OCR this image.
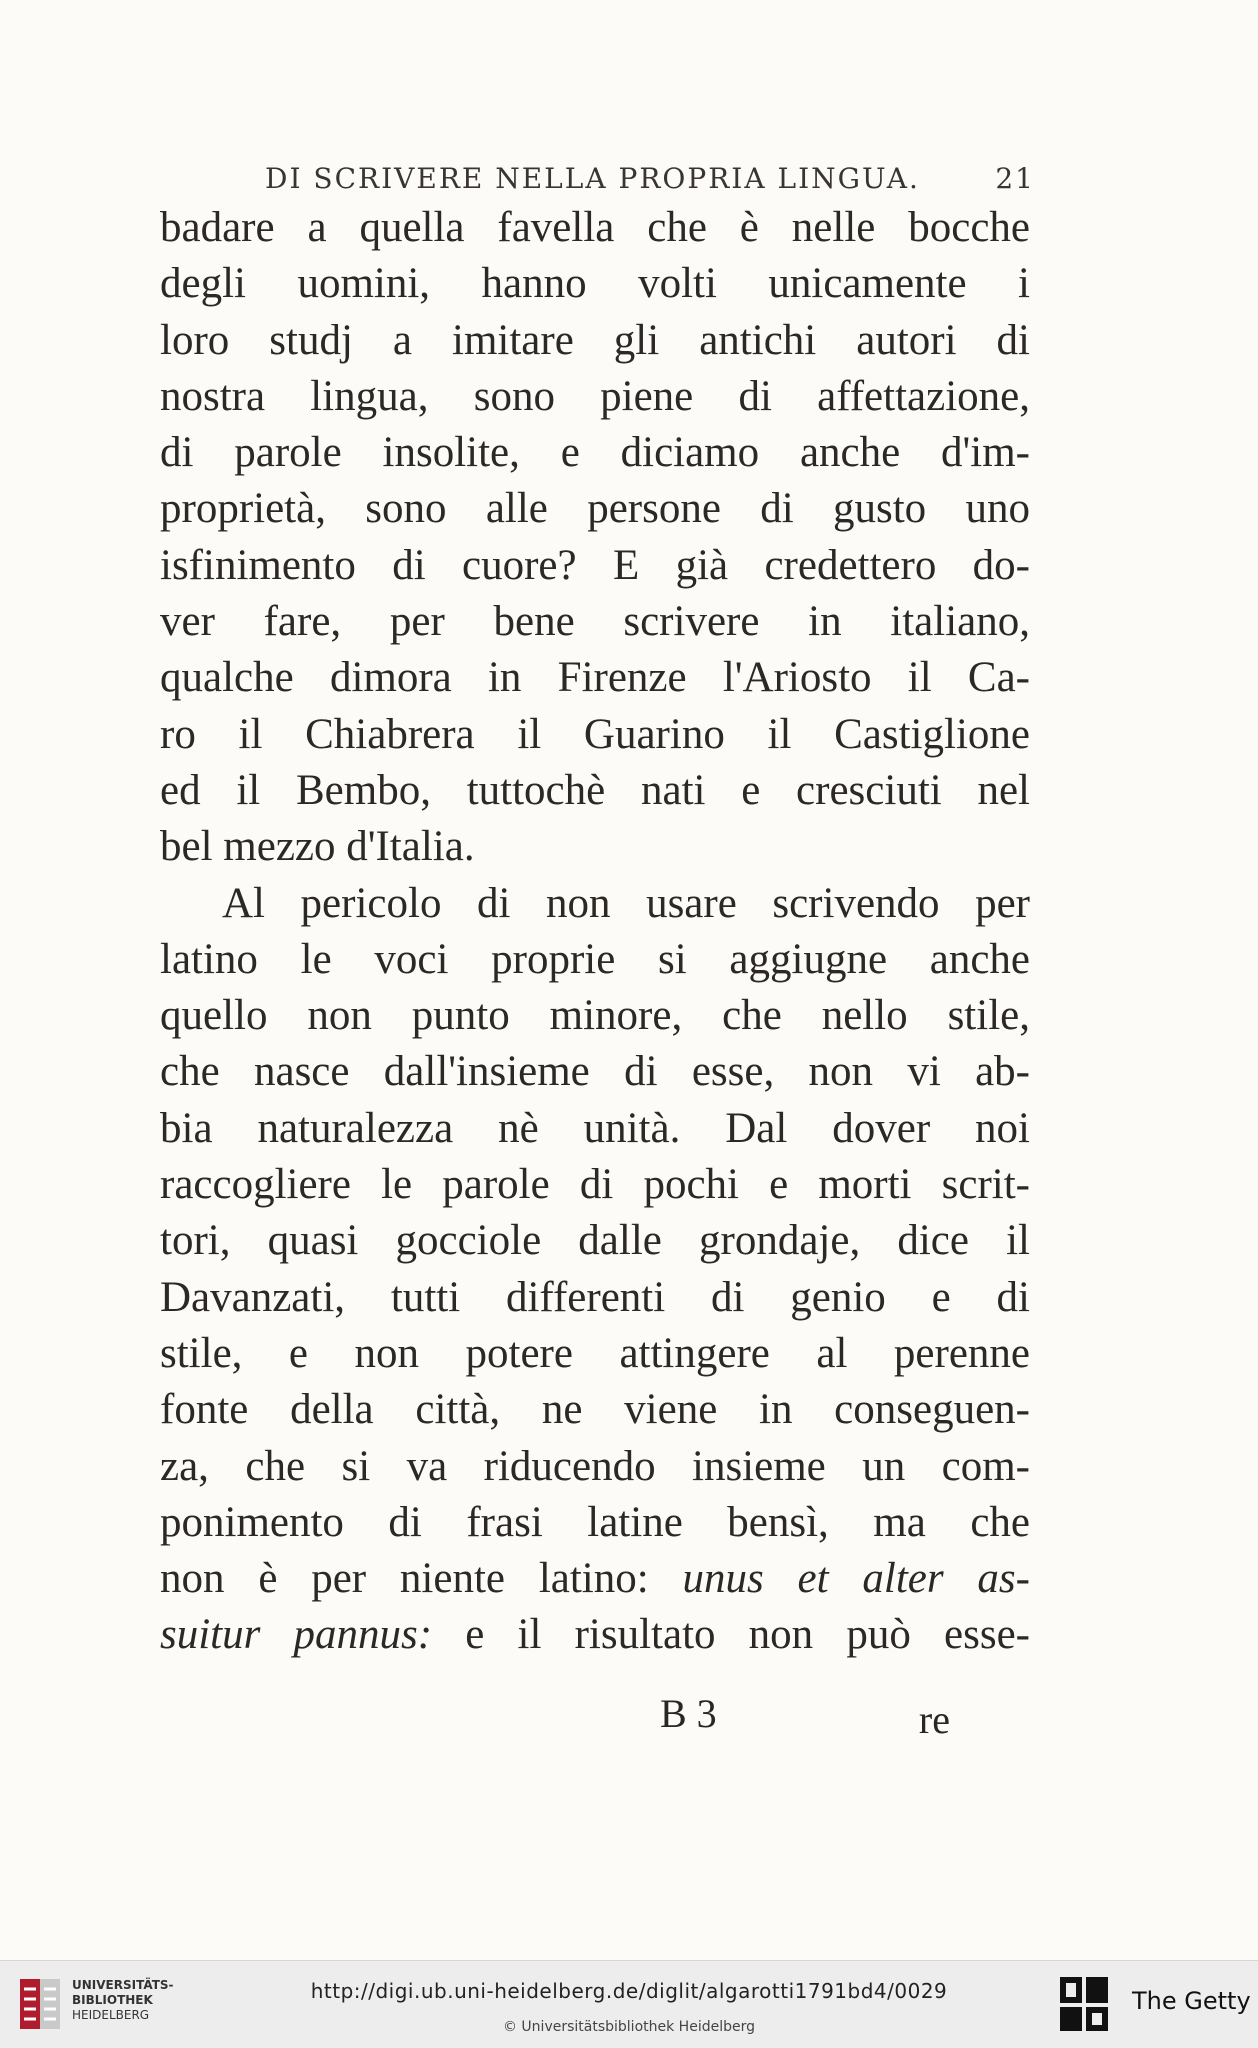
DI SCRIVERE NELLA PROPRIA LINGUA.	21
badare a quella favella che è nelle bocche
degli uomini, hanno volti unicamente i
loro studj a imitare gli antichi autori di
nostra lingua, sono piene di affettazione,
di parole insolite, e diciamo anche d'im-
proprietà, sono alle persone di gusto uno
isfinimento di cuore? E già credettero do-
ver fare, per bene scrivere in italiano,
qualche dimora in Firenze l'Ariosto il Ca-
ro il Chiabrera il Guarino il Castiglione
ed il Bembo, tuttochè nati e cresciuti nel
bel mezzo d'Italia.
Al pericolo di non usare scrivendo per
latino le voci proprie si aggiugne anche
quello non punto minore, che nello stile,
che nasce dall'insieme di esse, non vi ab-
bia naturalezza nè unità. Dal dover noi
raccogliere le parole di pochi e morti scrit-
tori, quasi gocciole dalle grondaje, dice il
Davanzati, tutti differenti di genio e di
stile, e non potere attingere al perenne
fonte della città, ne viene in conseguen-
za, che si va riducendo insieme un com-
ponimento di frasi latine bensì, ma che
non è per niente latino: unus et alter as-
suitur pannus: e il risultato non può esse-
B 3	re
UNIVERSITÄTS-
BIBLIOTHEK
HEIDELBERG
http://digi.ub.uni-heidelberg.de/diglit/algarotti1791bd4/0029
© Universitätsbibliothek Heidelberg
The Getty
